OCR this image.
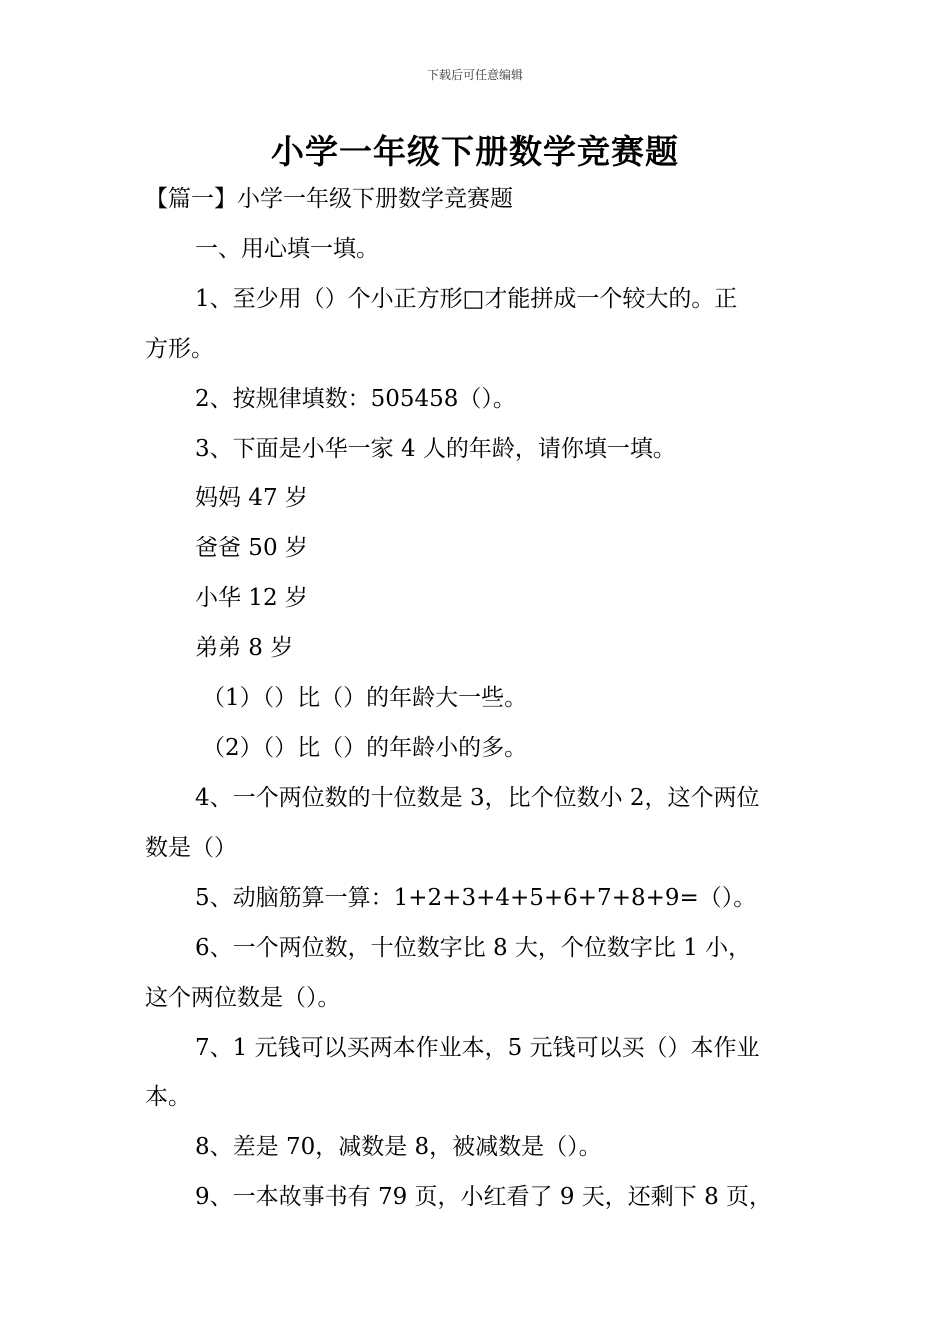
下载后可任意编辑
小学一年级下册数学竞赛题
【篇一】小学一年级下册数学竞赛题
一、用心填一填。
1、至少用（）个小正方形□才能拼成一个较大的。正
方形。
2、按规律填数：505458（）。
3、下面是小华一家 4 人的年龄，请你填一填。
妈妈 47 岁
爸爸 50 岁
小华 12 岁
弟弟 8 岁
（1）（）比（）的年龄大一些。
（2）（）比（）的年龄小的多。
4、一个两位数的十位数是 3，比个位数小 2，这个两位
数是（）
5、动脑筋算一算：1+2+3+4+5+6+7+8+9=（）。
6、一个两位数，十位数字比 8 大，个位数字比 1 小，
这个两位数是（）。
7、1 元钱可以买两本作业本，5 元钱可以买（）本作业
本。
8、差是 70，减数是 8，被减数是（）。
9、一本故事书有 79 页，小红看了 9 天，还剩下 8 页，
